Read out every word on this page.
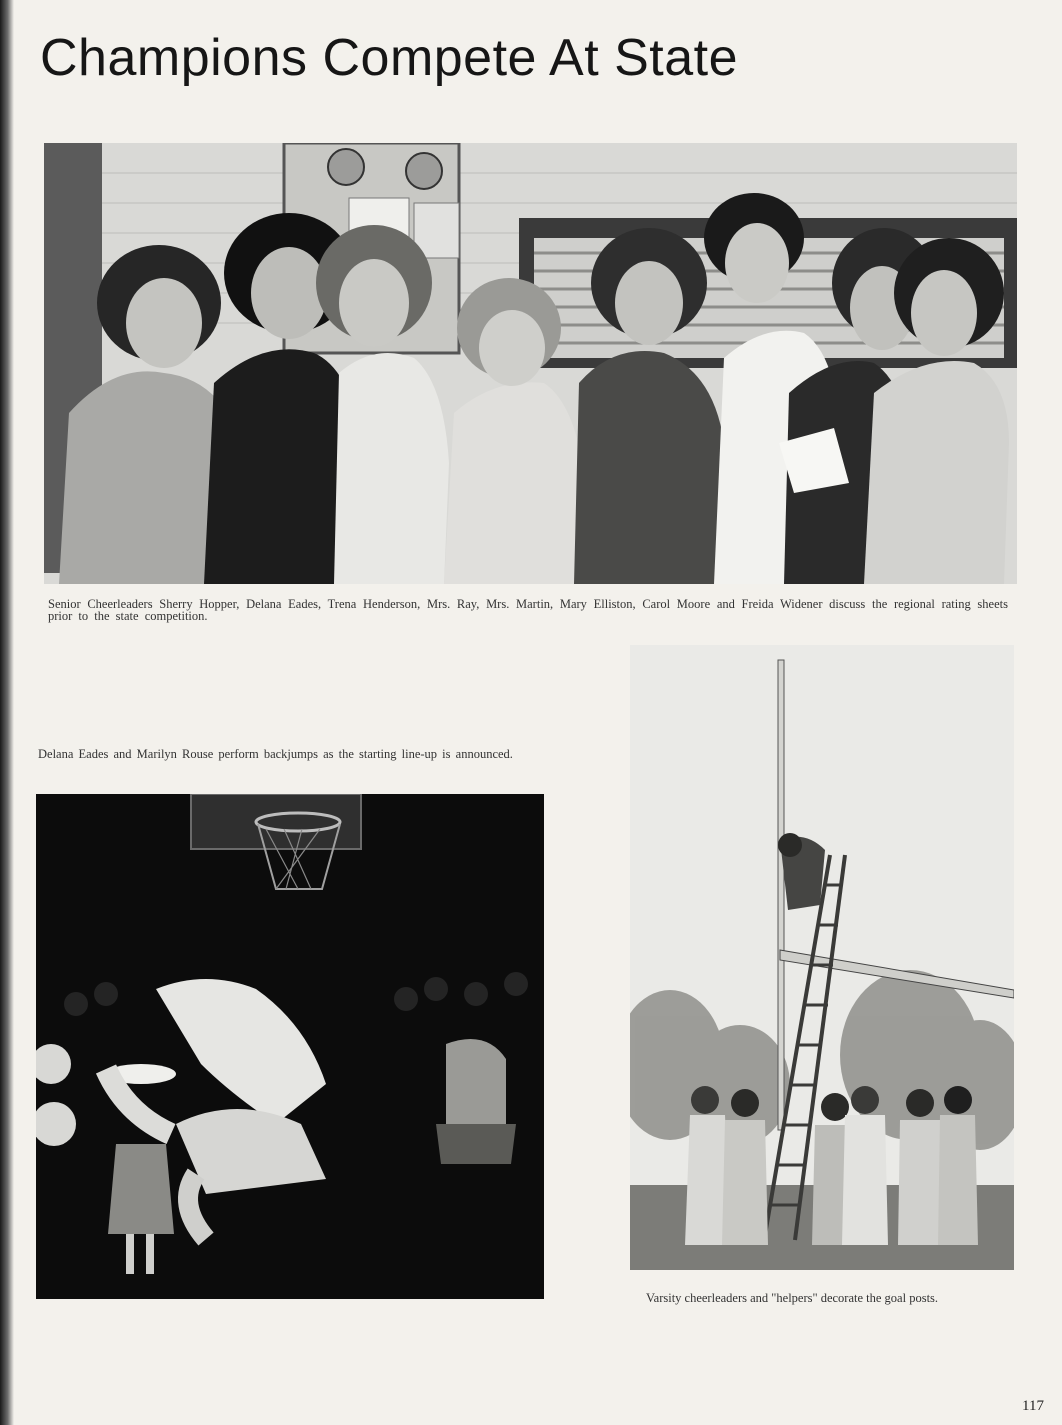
Champions Compete At State

Senior Cheerleaders Sherry Hopper, Delana Eades, Trena Henderson, Mrs. Ray, Mrs. Martin, Mary Elliston, Carol Moore and Freida Widener discuss the regional rating sheets prior to the state competition.

Delana Eades and Marilyn Rouse perform backjumps as the starting line-up is announced.

Varsity cheerleaders and "helpers" decorate the goal posts.

117
